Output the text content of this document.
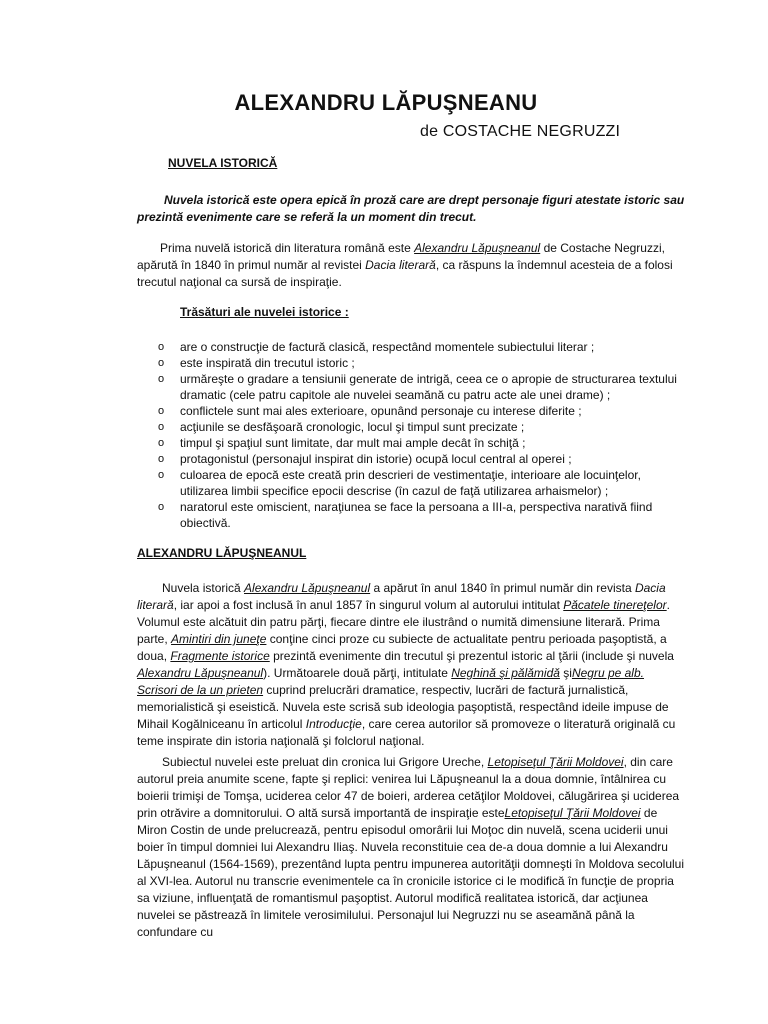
ALEXANDRU LĂPUŞNEANU
de COSTACHE NEGRUZZI
NUVELA ISTORICĂ

Nuvela istorică este opera epică în proză care are drept personaje figuri atestate istoric sau prezintă evenimente care se referă la un moment din trecut.

Prima nuvelă istorică din literatura română este Alexandru Lăpuşneanul de Costache Negruzzi, apărută în 1840 în primul număr al revistei Dacia literară, ca răspuns la îndemnul acesteia de a folosi trecutul naţional ca sursă de inspiraţie.

Trăsături ale nuvelei istorice :
o are o construcţie de factură clasică, respectând momentele subiectului literar ;
o este inspirată din trecutul istoric ;
o urmăreşte o gradare a tensiunii generate de intrigă, ceea ce o apropie de structurarea textului dramatic (cele patru capitole ale nuvelei seamănă cu patru acte ale unei drame) ;
o conflictele sunt mai ales exterioare, opunând personaje cu interese diferite ;
o acţiunile se desfăşoară cronologic, locul şi timpul sunt precizate ;
o timpul şi spaţiul sunt limitate, dar mult mai ample decât în schiţă ;
o protagonistul (personajul inspirat din istorie) ocupă locul central al operei ;
o culoarea de epocă este creată prin descrieri de vestimentaţie, interioare ale locuinţelor, utilizarea limbii specifice epocii descrise (în cazul de faţă utilizarea arhaismelor) ;
o naratorul este omiscient, naraţiunea se face la persoana a III-a, perspectiva narativă fiind obiectivă.
ALEXANDRU LĂPUŞNEANUL

Nuvela istorică Alexandru Lăpuşneanul a apărut în anul 1840 în primul număr din revista Dacia literară, iar apoi a fost inclusă în anul 1857 în singurul volum al autorului intitulat Păcatele tinereţelor. Volumul este alcătuit din patru părţi, fiecare dintre ele ilustrând o numită dimensiune literară. Prima parte, Amintiri din juneţe conţine cinci proze cu subiecte de actualitate pentru perioada paşoptistă, a doua, Fragmente istorice prezintă evenimente din trecutul şi prezentul istoric al ţării (include şi nuvela Alexandru Lăpuşneanul). Următoarele două părţi, intitulate Neghină şi pălămidă şiNegru pe alb. Scrisori de la un prieten cuprind prelucrări dramatice, respectiv, lucrări de factură jurnalistică, memorialistică şi eseistică. Nuvela este scrisă sub ideologia paşoptistă, respectând ideile impuse de Mihail Kogălniceanu în articolul Introducţie, care cerea autorilor să promoveze o literatură originală cu teme inspirate din istoria naţională şi folclorul naţional.

Subiectul nuvelei este preluat din cronica lui Grigore Ureche, Letopiseţul Ţării Moldovei, din care autorul preia anumite scene, fapte şi replici: venirea lui Lăpuşneanul la a doua domnie, întâlnirea cu boierii trimişi de Tomşa, uciderea celor 47 de boieri, arderea cetăţilor Moldovei, călugărirea şi uciderea prin otrăvire a domnitorului. O altă sursă importantă de inspiraţie esteLetopiseţul Ţării Moldovei de Miron Costin de unde prelucrează, pentru episodul omorârii lui Moţoc din nuvelă, scena uciderii unui boier în timpul domniei lui Alexandru Iliaş. Nuvela reconstituie cea de-a doua domnie a lui Alexandru Lăpuşneanul (1564-1569), prezentând lupta pentru impunerea autorităţii domneşti în Moldova secolului al XVI-lea. Autorul nu transcrie evenimentele ca în cronicile istorice ci le modifică în funcţie de propria sa viziune, influenţată de romantismul paşoptist. Autorul modifică realitatea istorică, dar acţiunea nuvelei se păstrează în limitele verosimilului. Personajul lui Negruzzi nu se aseamănă până la confundare cu
